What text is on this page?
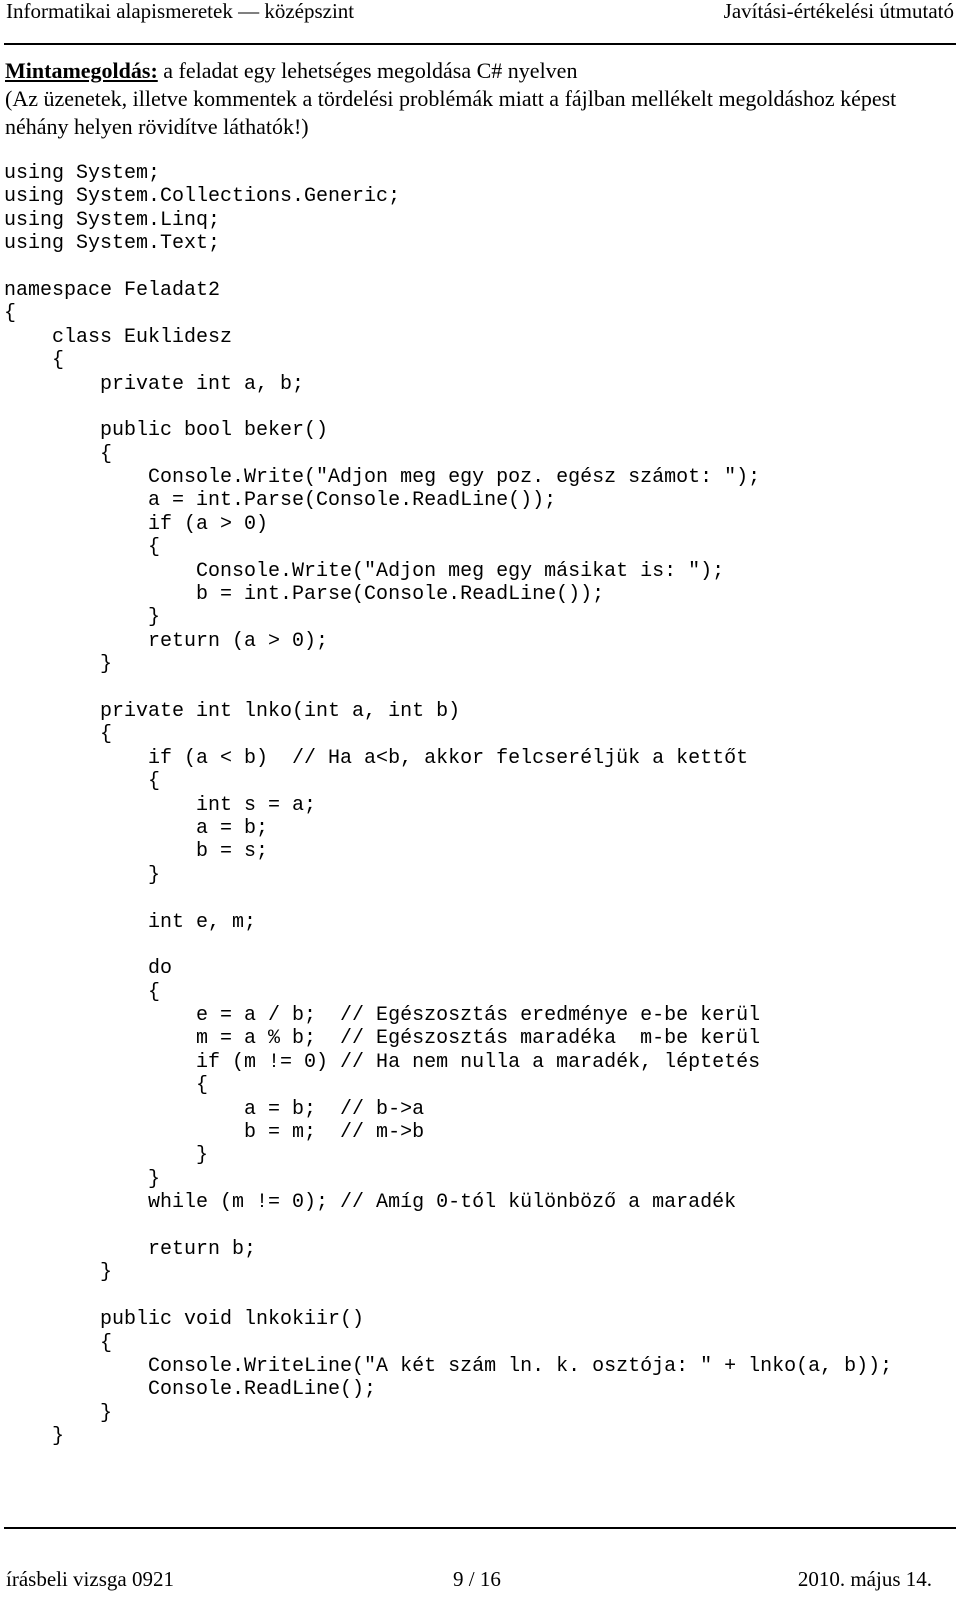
Informatikai alapismeretek — középszint	Javítási-értékelési útmutató
Mintamegoldás: a feladat egy lehetséges megoldása C# nyelven
(Az üzenetek, illetve kommentek a tördelési problémák miatt a fájlban mellékelt megoldáshoz képest néhány helyen rövidítve láthatók!)
using System;
using System.Collections.Generic;
using System.Linq;
using System.Text;
namespace Feladat2
{
class Euklidesz
{
private int a, b;
public bool beker()
{
Console.Write("Adjon meg egy poz. egész számot: ");
a = int.Parse(Console.ReadLine());
if (a > 0)
{
Console.Write("Adjon meg egy másikat is: ");
b = int.Parse(Console.ReadLine());
}
return (a > 0);
}
private int lnko(int a, int b)
{
if (a < b)  // Ha a<b, akkor felcseréljük a kettőt
{
int s = a;
a = b;
b = s;
}
int e, m;
do
{
e = a / b;  // Egészosztás eredménye e-be kerül
m = a % b;  // Egészosztás maradéka  m-be kerül
if (m != 0) // Ha nem nulla a maradék, léptetés
{
a = b;  // b->a
b = m;  // m->b
}
}
while (m != 0); // Amíg 0-tól különböző a maradék
return b;
}
public void lnkokiir()
{
Console.WriteLine("A két szám ln. k. osztója: " + lnko(a, b));
Console.ReadLine();
}
}
írásbeli vizsga 0921	9 / 16	2010. május 14.
